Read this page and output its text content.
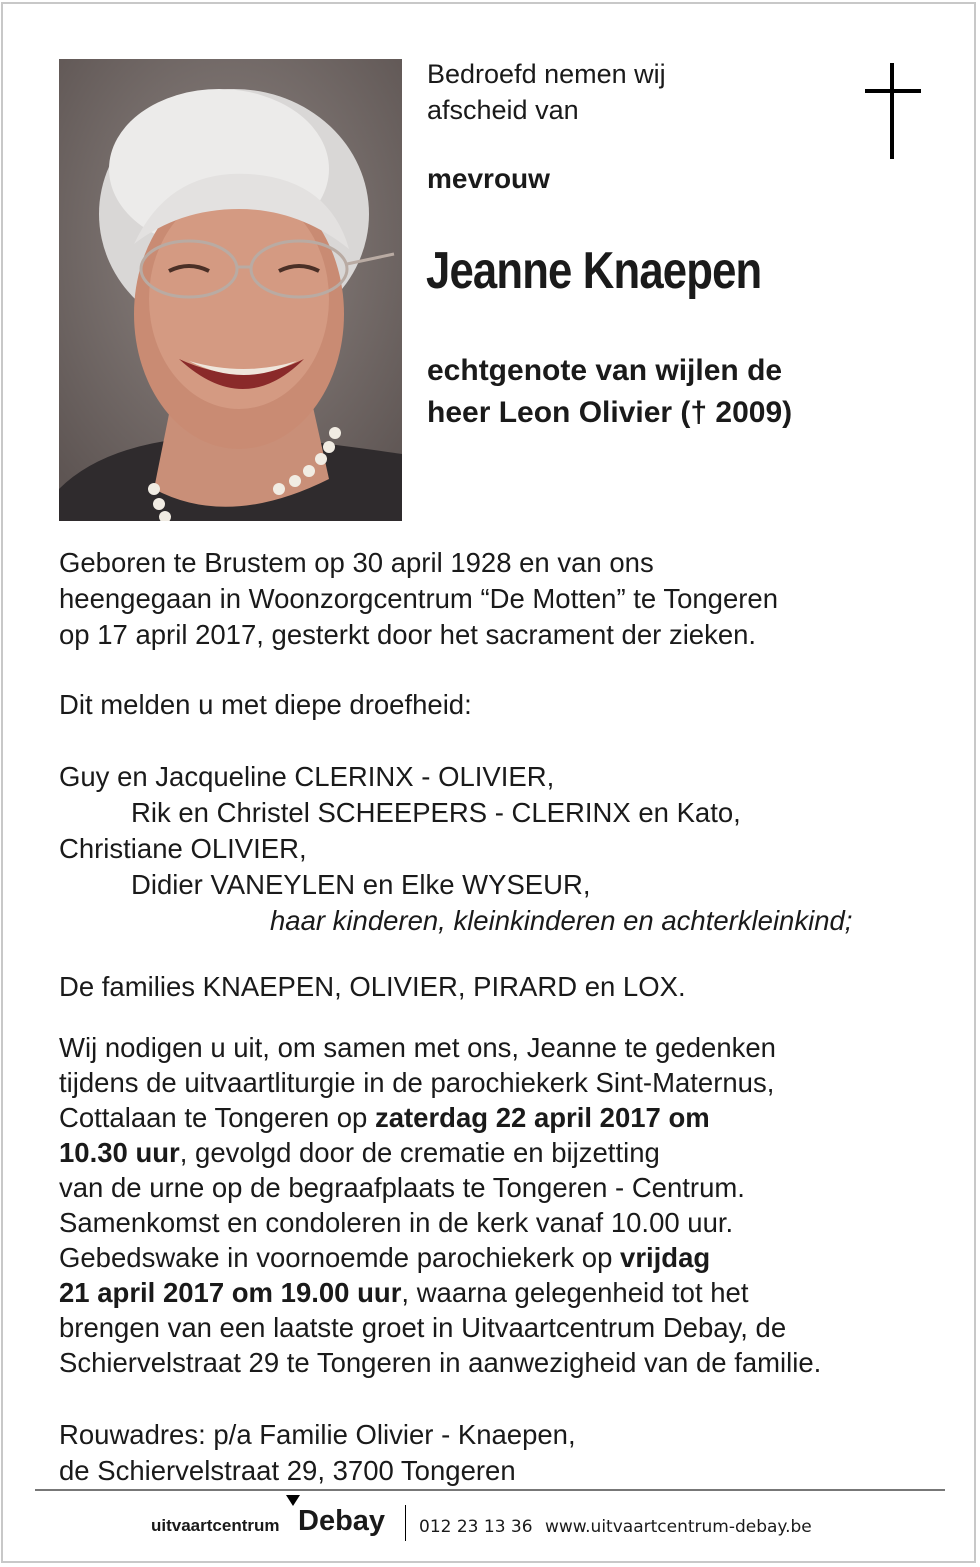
Bedroefd nemen wij
afscheid van
mevrouw
Jeanne Knaepen
echtgenote van wijlen de
heer Leon Olivier († 2009)
Geboren te Brustem op 30 april 1928 en van ons
heengegaan in Woonzorgcentrum “De Motten” te Tongeren
op 17 april 2017, gesterkt door het sacrament der zieken.
Dit melden u met diepe droefheid:
Guy en Jacqueline CLERINX - OLIVIER,
Rik en Christel SCHEEPERS - CLERINX en Kato,
Christiane OLIVIER,
Didier VANEYLEN en Elke WYSEUR,
haar kinderen, kleinkinderen en achterkleinkind;
De families KNAEPEN, OLIVIER, PIRARD en LOX.
Wij nodigen u uit, om samen met ons, Jeanne te gedenken
tijdens de uitvaartliturgie in de parochiekerk Sint-Maternus,
Cottalaan te Tongeren op zaterdag 22 april 2017 om
10.30 uur, gevolgd door de crematie en bijzetting
van de urne op de begraafplaats te Tongeren - Centrum.
Samenkomst en condoleren in de kerk vanaf 10.00 uur.
Gebedswake in voornoemde parochiekerk op vrijdag
21 april 2017 om 19.00 uur, waarna gelegenheid tot het
brengen van een laatste groet in Uitvaartcentrum Debay, de
Schiervelstraat 29 te Tongeren in aanwezigheid van de familie.
Rouwadres: p/a Familie Olivier - Knaepen,
de Schiervelstraat 29, 3700 Tongeren
uitvaartcentrum Debay 012 23 13 36 www.uitvaartcentrum-debay.be
